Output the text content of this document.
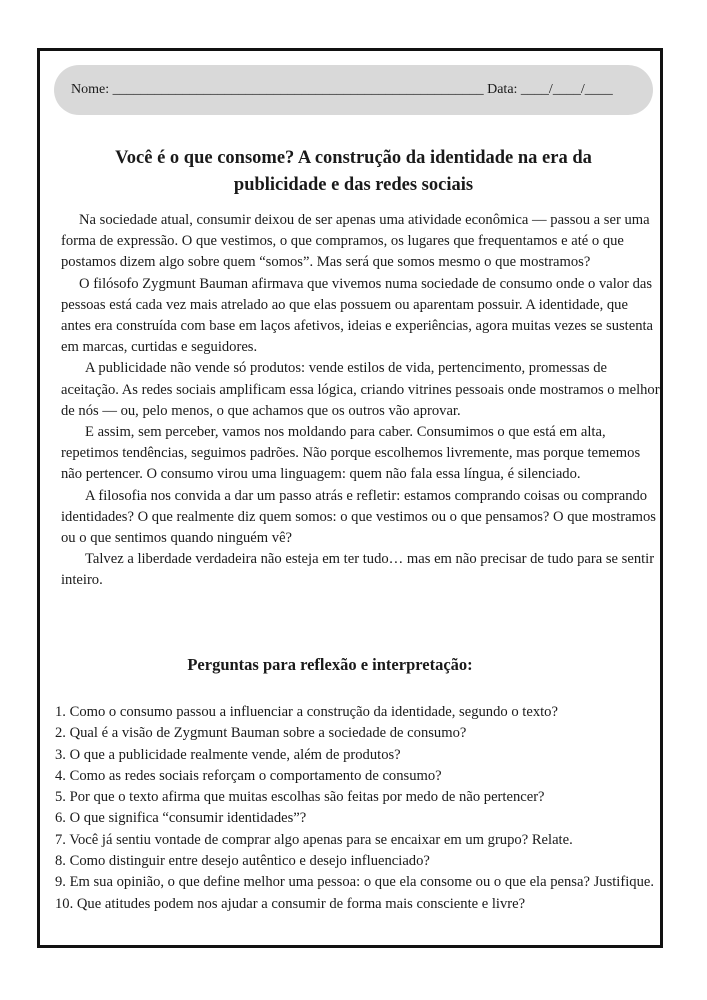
Nome: _____________________________________________________
Data: ____/____/____
Você é o que consome? A construção da identidade na era da publicidade e das redes sociais

Na sociedade atual, consumir deixou de ser apenas uma atividade econômica — passou a ser uma forma de expressão. O que vestimos, o que compramos, os lugares que frequentamos e até o que postamos dizem algo sobre quem “somos”. Mas será que somos mesmo o que mostramos?

O filósofo Zygmunt Bauman afirmava que vivemos numa sociedade de consumo onde o valor das pessoas está cada vez mais atrelado ao que elas possuem ou aparentam possuir. A identidade, que antes era construída com base em laços afetivos, ideias e experiências, agora muitas vezes se sustenta em marcas, curtidas e seguidores.

A publicidade não vende só produtos: vende estilos de vida, pertencimento, promessas de aceitação. As redes sociais amplificam essa lógica, criando vitrines pessoais onde mostramos o melhor de nós — ou, pelo menos, o que achamos que os outros vão aprovar.

E assim, sem perceber, vamos nos moldando para caber. Consumimos o que está em alta, repetimos tendências, seguimos padrões. Não porque escolhemos livremente, mas porque tememos não pertencer. O consumo virou uma linguagem: quem não fala essa língua, é silenciado.

A filosofia nos convida a dar um passo atrás e refletir: estamos comprando coisas ou comprando identidades? O que realmente diz quem somos: o que vestimos ou o que pensamos? O que mostramos ou o que sentimos quando ninguém vê?

Talvez a liberdade verdadeira não esteja em ter tudo… mas em não precisar de tudo para se sentir inteiro.

Perguntas para reflexão e interpretação:
1. Como o consumo passou a influenciar a construção da identidade, segundo o texto?
2. Qual é a visão de Zygmunt Bauman sobre a sociedade de consumo?
3. O que a publicidade realmente vende, além de produtos?
4. Como as redes sociais reforçam o comportamento de consumo?
5. Por que o texto afirma que muitas escolhas são feitas por medo de não pertencer?
6. O que significa “consumir identidades”?
7. Você já sentiu vontade de comprar algo apenas para se encaixar em um grupo? Relate.
8. Como distinguir entre desejo autêntico e desejo influenciado?
9. Em sua opinião, o que define melhor uma pessoa: o que ela consome ou o que ela pensa? Justifique.
10. Que atitudes podem nos ajudar a consumir de forma mais consciente e livre?
